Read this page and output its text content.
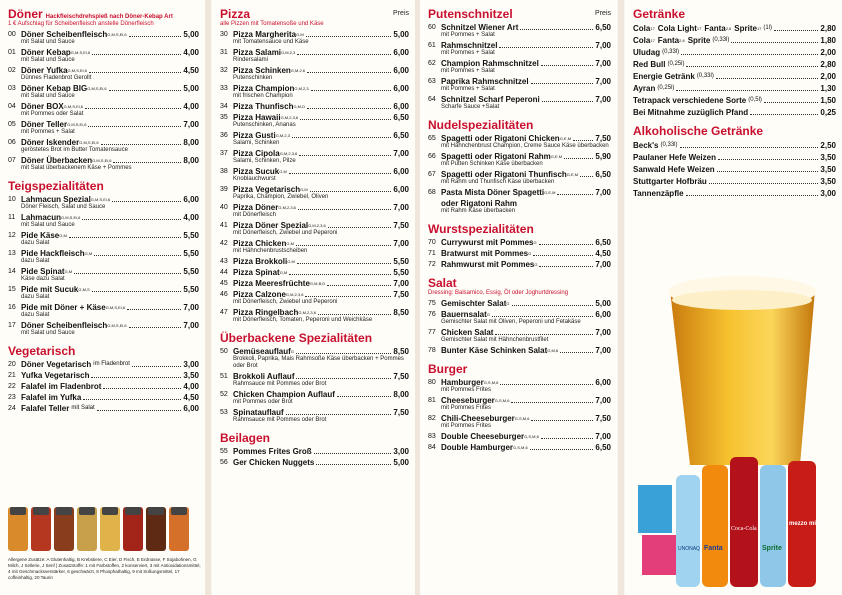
Döner Hackfleischdrehspieß nach Döner-Kebap Art
1 € Aufschlag für Scheibenfleisch anstelle Dönerfleisch
00 Döner Scheibenfleisch G,M,S,Ei,6	5,00
mit Salat und Sauce
01 Döner Kebap G,M,S,Ei,6	4,00
mit Salat und Sauce
02 Döner Yufka G,M,S,Ei,6	4,50
Dünnes Fladenbrot Gerollt
03 Döner Kebap BIG G,M,S,Ei,6	5,00
mit Salat und Sauce
04 Döner BOX G,M,S,Ei,6	4,00
mit Pommes oder Salat
05 Döner Teller G,M,S,Ei,6	7,00
mit Pommes + Salat
06 Döner Iskender G,M,S,Ei,6	8,00
geröstetes Brot im Butter Tomatensauce
07 Döner Überbacken G,M,S,Ei,6	8,00
mit Salat überbackenem Käse + Pommes
Teigspezialitäten
10 Lahmacun Spezial G,M,S,Ei,6	6,00
Döner Fleisch, Salat und Sauce
11 Lahmacun G,M,S,Ei,6	4,00
mit Salat und Sauce
12 Pide Käse G,M	5,50
dazu Salat
13 Pide Hackfleisch G,M	5,50
dazu Salat
14 Pide Spinat G,M	5,50
Käse dazu Salat
15 Pide mit Sucuk G,M,S	5,50
dazu Salat
16 Pide mit Döner + Käse G,M,S,Ei,6	7,00
dazu Salat
17 Döner Scheibenfleisch G,M,S,Ei,6	7,00
mit Salat und Sauce
Vegetarisch
20 Döner Vegetarisch im Fladenbrot	3,00
21 Yufka Vegetarisch	3,50
22 Falafel im Fladenbrot	4,00
23 Falafel im Yufka	4,50
24 Falafel Teller mit Salat	6,00
Pizza	Preis
alle Pizzen mit Tomatensoße und Käse
30 Pizza Margherita G,M	5,00
mit Tomatensauce und Käse
31 Pizza Salami G,M,2,3	6,00
Rindersalami
32 Pizza Schinken G,M,2,6	6,00
Putenschinken
33 Pizza Champion G,M,2,3	6,00
mit frischen Champion
34 Pizza Thunfisch G,M,D	6,00
35 Pizza Hawaii G,M,2,3,6	6,50
Putenschinken, Ananas
36 Pizza Gusti G,M,2,3	6,50
Salami, Schinken
37 Pizza Cipola G,M,2,3,6	7,00
Salami, Schinken, Pilze
38 Pizza Sucuk G,M	6,00
Knoblauchwurst
39 Pizza Vegetarisch G,M	6,00
Paprika, Champion, Zwiebel, Oliven
40 Pizza Döner G,M,2,3,6	7,00
mit Dönerfleisch
41 Pizza Döner Spezial G,M,2,3,6	7,50
mit Dönerfleisch, Zwiebel und Peperoni
42 Pizza Chicken G,M	7,00
mit Hähnchenbrustscheiben
43 Pizza Brokkoli G,M	5,50
44 Pizza Spinat G,M	5,50
45 Pizza Meeresfrüchte G,M,B,D	7,00
46 Pizza Calzone G,M,2,3,6	7,50
mit Dönerfleisch, Zwiebel und Peperoni
47 Pizza Ringelbach G,M,2,3,6	8,50
mit Dönerfleisch, Tomaten, Peperoni und Weichkäse
Überbackene Spezialitäten
50 Gemüseauflauf G	8,50
Brokkoli, Paprika, Mais Rahmsoße Käse überbacken + Pommes oder Brot
51 Brokkoli Auflauf	7,50
Rahmsauce mit Pommes oder Brot
52 Chicken Champion Auflauf	8,00
mit Pommes oder Brot
53 Spinatauflauf	7,50
Rahmsauce mit Pommes oder Brot
Beilagen
55 Pommes Frites Groß	3,00
56 Ger Chicken Nuggets	5,00
Putenschnitzel	Preis
60 Schnitzel Wiener Art	6,50
mit Pommes + Salat
61 Rahmschnitzel	7,00
mit Pommes + Salat
62 Champion Rahmschnitzel	7,00
mit Pommes + Salat
63 Paprika Rahmschnitzel	7,00
mit Pommes + Salat
64 Schnitzel Scharf Peperoni	7,00
Scharfe Sauce +Salat
Nudelspezialitäten
65 Spagetti oder Rigatoni Chicken G,E,M	7,50
mit Hähnchenbrust Champion, Creme Sauce Käse überbacken
66 Spagetti oder Rigatoni Rahm G,E,M	5,90
mit Putten Schinken Käse überbacken
67 Spagetti oder Rigatoni Thunfisch G,E,M 6,50
mit Rahm und Thunfisch Käse überbacken
68 Pasta Mista Döner Spagetti G,E,M	7,00
oder Rigatoni Rahm
mit Rahm Käse überbacken
Wurstspezialitäten
70 Currywurst mit Pommes G	6,50
71 Bratwurst mit Pommes G	4,50
72 Rahmwurst mit Pommes G	7,00
Salat
Dressing: Balsamico, Essig, Öl oder Joghurtdressing
75 Gemischter Salat G	5,00
76 Bauernsalat G	6,00
Gemischter Salat mit Oliven, Peperoni und Fetakäse
77 Chicken Salat	7,00
Gemischter Salat mit Hähnchenbrustfilet
78 Bunter Käse Schinken Salat G,M,6	7,00
Burger
80 Hamburger G,S,M,6	6,00
mit Pommes Frites
81 Cheeseburger G,S,M,6	7,00
mit Pommes Frites
82 Chili-Cheeseburger G,S,M,6	7,50
mit Pommes Frites
83 Double Cheeseburger G,S,M,6	7,00
84 Double Hamburger G,S,M,6	6,50
Getränke
Cola 17 Cola Light 17 Fanta 2,6 Sprite 17 (1l)	2,80
Cola 17 Fanta 2,6 Sprite (0,33l)	1,80
Uludag (0,33l)	2,00
Red Bull (0,25l)	2,80
Energie Getränk (0,33l)	2,00
Ayran (0,25l)	1,30
Tetrapack verschiedene Sorte (0,5l)	1,50
Bei Mitnahme zuzüglich Pfand	0,25
Alkoholische Getränke
Beck's (0,33l)	2,50
Paulaner Hefe Weizen	3,50
Sanwald Hefe Weizen	3,50
Stuttgarter Hofbräu	3,50
Tannenzäpfle	3,00
Allergene Zusätze: A Glutenhaltig, B Krebstiere, C Eier, D Fisch, E Erdnüsse, F Sojabohnen, G Milch, J Sellerie, J Senf | Zusatzstoffe: 1 mit Farbstoffen, 2 konserviert, 3 mit Antioxidationsmittel, 4 mit Geschmacksverstärker, 6 geschwärzt, 8 Phosphathaltig, 9 mit Süßungsmittel, 17 coffeinhaltig, 20 Taurin
UNONAQ Fanta
Coca-Cola
Sprite
mezzo mix
